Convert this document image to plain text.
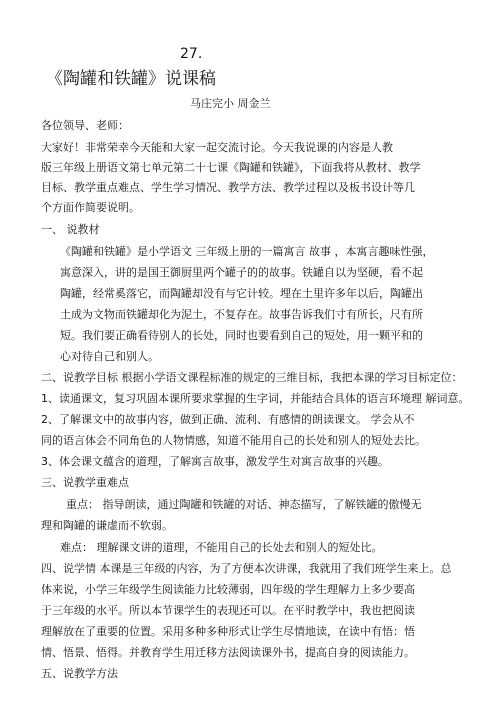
27.
《陶罐和铁罐》说课稿
马庄完小 周金兰
各位领导、老师：
大家好！非常荣幸今天能和大家一起交流讨论。今天我说课的内容是人教
版三年级上册语文第七单元第二十七课《陶罐和铁罐》，下面我将从教材、教学
目标、教学重点难点、学生学习情况、教学方法、教学过程以及板书设计等几
个方面作简要说明。
一、 说教材
《陶罐和铁罐》是小学语文 三年级上册的一篇寓言 故事 ，本寓言趣味性强，
寓意深入，讲的是国王御厨里两个罐子的的故事。铁罐自以为坚硬，看不起
陶罐，经常奚落它，而陶罐却没有与它计较。埋在土里许多年以后，陶罐出
土成为文物而铁罐却化为泥土，不复存在。故事告诉我们寸有所长，尺有所
短。我们要正确看待别人的长处，同时也要看到自己的短处，用一颗平和的
心对待自己和别人。
二、说教学目标 根据小学语文课程标准的规定的三维目标，我把本课的学习目标定位：
1、读通课文，复习巩固本课所要求掌握的生字词，并能结合具体的语言环境理 解词意。
2、了解课文中的故事内容，做到正确、流利、有感情的朗读课文。 学会从不
同的语言体会不同角色的人物情感，知道不能用自己的长处和别人的短处去比。
3、体会课文蕴含的道理，了解寓言故事，激发学生对寓言故事的兴趣。
三、说教学重难点
重点： 指导朗读，通过陶罐和铁罐的对话、神态描写，了解铁罐的傲慢无
理和陶罐的谦虚而不软弱。
难点： 理解课文讲的道理，不能用自己的长处去和别人的短处比。
四、说学情 本课是三年级的内容，为了方便本次讲课，我就用了我们班学生来上。总
体来说，小学三年级学生阅读能力比较薄弱，四年级的学生理解力上多少要高
于三年级的水平。所以本节课学生的表现还可以。在平时教学中，我也把阅读
理解放在了重要的位置。采用多种多种形式让学生尽情地读，在读中有悟：悟
情、悟景、悟得。并教育学生用迁移方法阅读课外书，提高自身的阅读能力。
五、说教学方法
